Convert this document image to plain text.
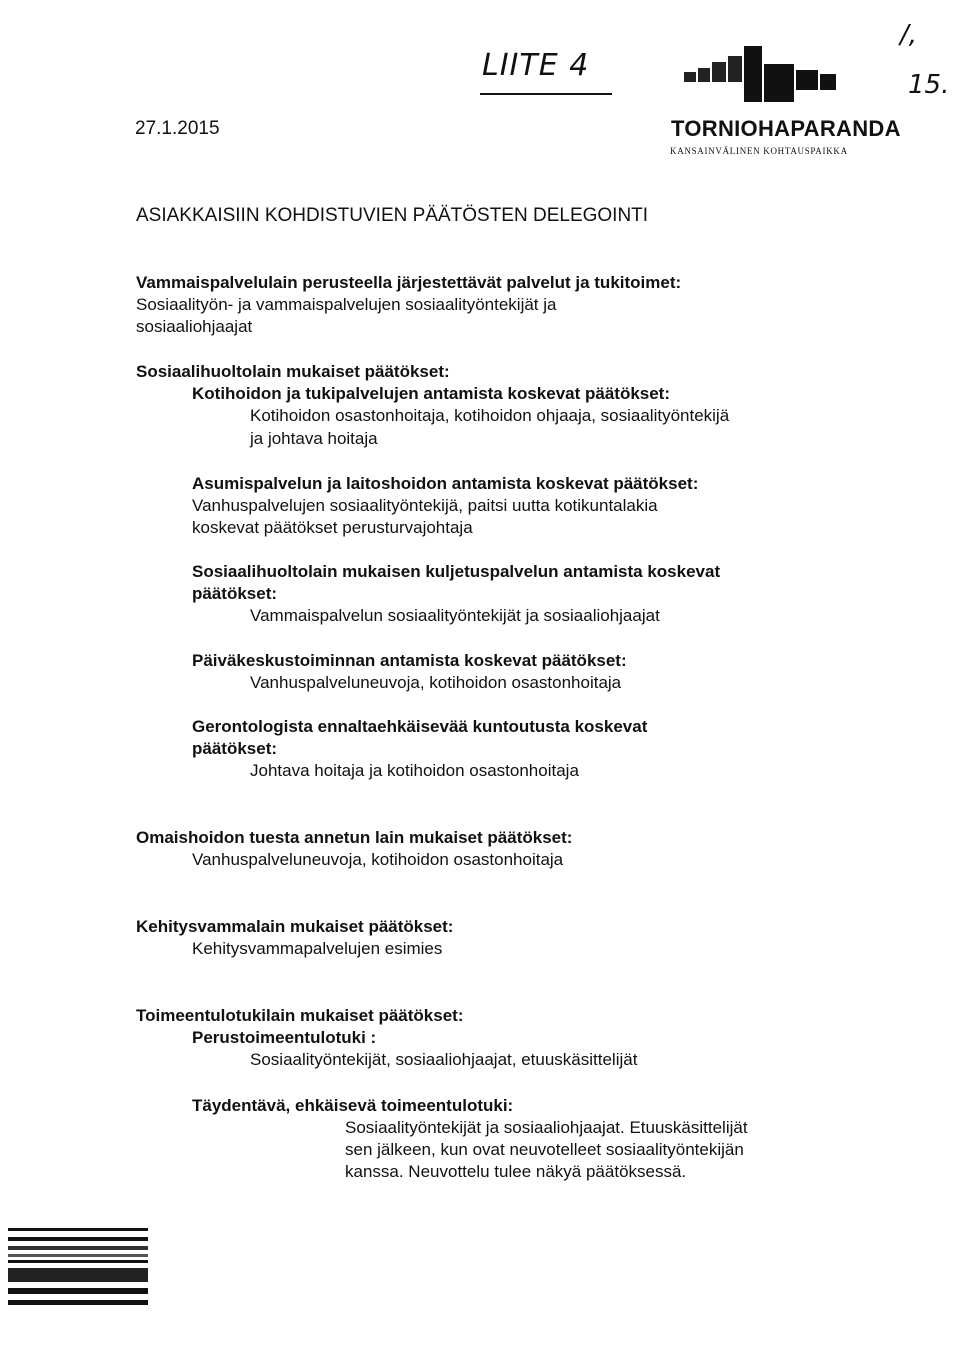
LIITE 4
/,
15.
27.1.2015	TORNIOHAPARANDA
KANSAINVÄLINEN KOHTAUSPAIKKA
ASIAKKAISIIN KOHDISTUVIEN PÄÄTÖSTEN DELEGOINTI
Vammaispalvelulain perusteella järjestettävät palvelut ja tukitoimet:
Sosiaalityön- ja vammaispalvelujen sosiaalityöntekijät ja
sosiaaliohjaajat
Sosiaalihuoltolain mukaiset päätökset:
Kotihoidon ja tukipalvelujen antamista koskevat päätökset:
Kotihoidon osastonhoitaja, kotihoidon ohjaaja, sosiaalityöntekijä
ja johtava hoitaja
Asumispalvelun ja laitoshoidon antamista koskevat päätökset:
Vanhuspalvelujen sosiaalityöntekijä, paitsi uutta kotikuntalakia
koskevat päätökset perusturvajohtaja
Sosiaalihuoltolain mukaisen kuljetuspalvelun antamista koskevat
päätökset:
Vammaispalvelun sosiaalityöntekijät ja sosiaaliohjaajat
Päiväkeskustoiminnan antamista koskevat päätökset:
Vanhuspalveluneuvoja, kotihoidon osastonhoitaja
Gerontologista ennaltaehkäisevää kuntoutusta koskevat
päätökset:
Johtava hoitaja ja kotihoidon osastonhoitaja
Omaishoidon tuesta annetun lain mukaiset päätökset:
Vanhuspalveluneuvoja, kotihoidon osastonhoitaja
Kehitysvammalain mukaiset päätökset:
Kehitysvammapalvelujen esimies
Toimeentulotukilain mukaiset päätökset:
Perustoimeentulotuki :
Sosiaalityöntekijät, sosiaaliohjaajat, etuuskäsittelijät
Täydentävä, ehkäisevä toimeentulotuki:
Sosiaalityöntekijät ja sosiaaliohjaajat. Etuuskäsittelijät
sen jälkeen, kun ovat neuvotelleet sosiaalityöntekijän
kanssa. Neuvottelu tulee näkyä päätöksessä.
